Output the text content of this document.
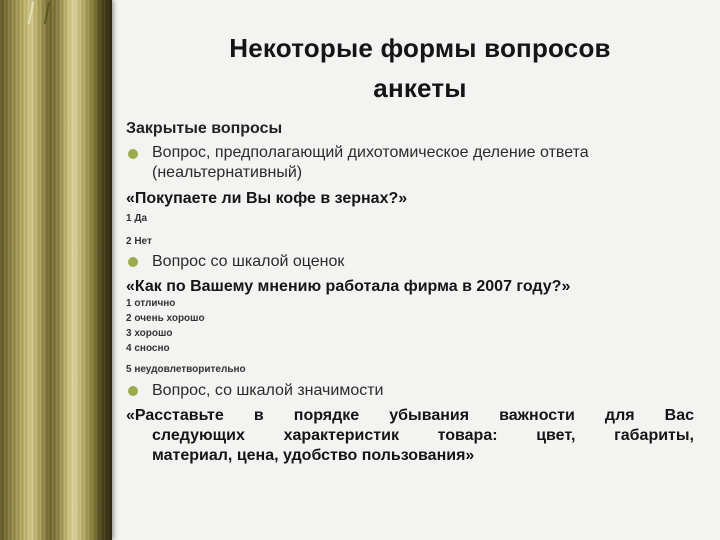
Некоторые формы вопросов
анкеты
Закрытые вопросы
Вопрос, предполагающий дихотомическое деление ответа
(неальтернативный)
«Покупаете ли Вы кофе в зернах?»
1 Да
2 Нет
Вопрос со шкалой оценок
«Как по Вашему мнению работала фирма в 2007 году?»
1 отлично
2 очень хорошо
3 хорошо
4 сносно
5 неудовлетворительно
Вопрос, со шкалой значимости
«Расставьте в порядке убывания важности для Вас
следующих характеристик товара: цвет, габариты,
материал, цена, удобство пользования»
